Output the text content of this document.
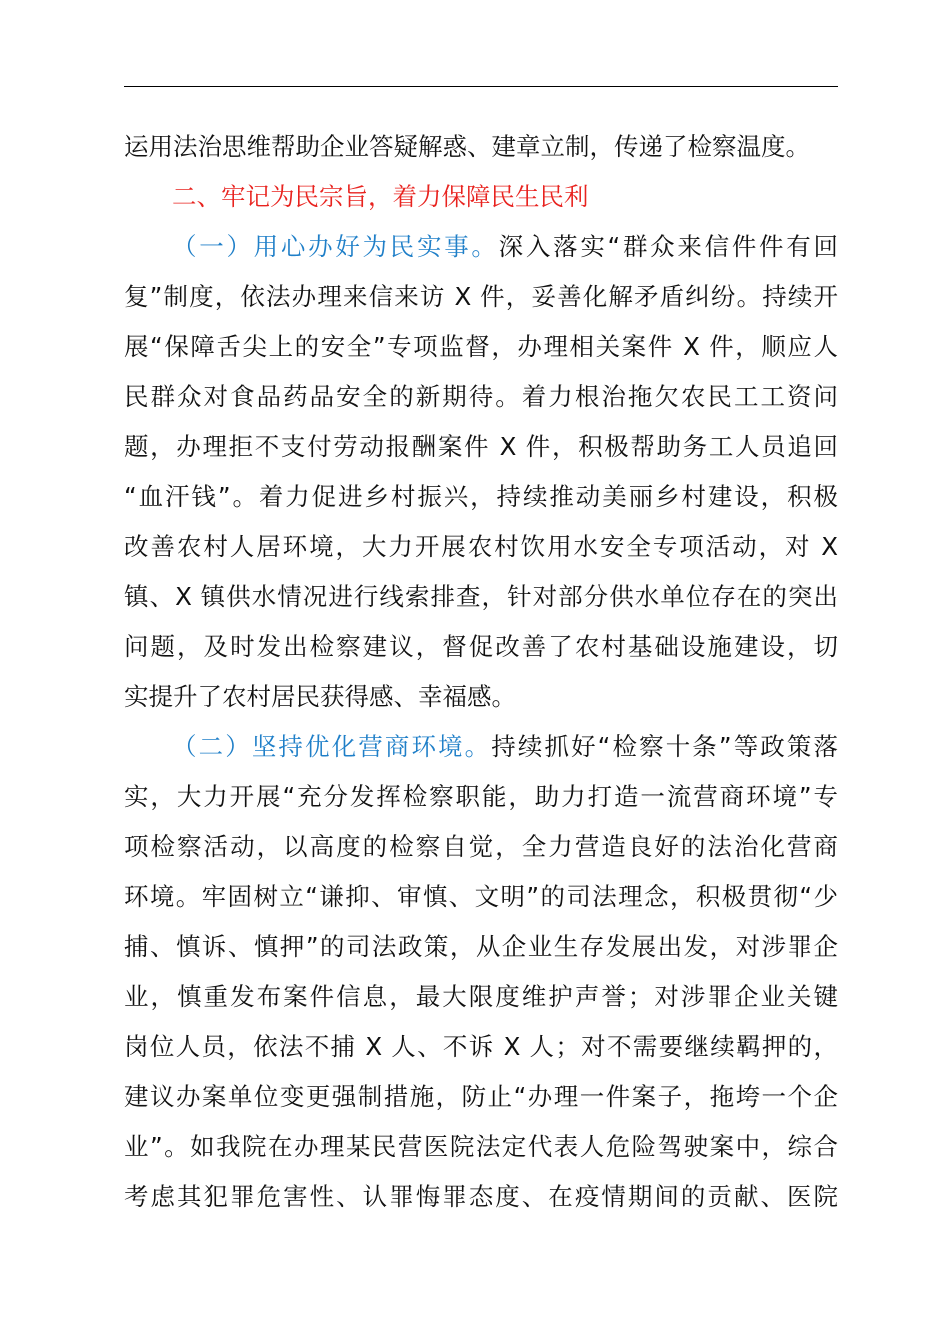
运用法治思维帮助企业答疑解惑、建章立制，传递了检察温度。
二、牢记为民宗旨，着力保障民生民利
（一）用心办好为民实事。深入落实“群众来信件件有回
复”制度，依法办理来信来访 X 件，妥善化解矛盾纠纷。持续开
展“保障舌尖上的安全”专项监督，办理相关案件 X 件，顺应人
民群众对食品药品安全的新期待。着力根治拖欠农民工工资问
题，办理拒不支付劳动报酬案件 X 件，积极帮助务工人员追回
“血汗钱”。着力促进乡村振兴，持续推动美丽乡村建设，积极
改善农村人居环境，大力开展农村饮用水安全专项活动，对 X
镇、X 镇供水情况进行线索排查，针对部分供水单位存在的突出
问题，及时发出检察建议，督促改善了农村基础设施建设，切
实提升了农村居民获得感、幸福感。
（二）坚持优化营商环境。持续抓好“检察十条”等政策落
实，大力开展“充分发挥检察职能，助力打造一流营商环境”专
项检察活动，以高度的检察自觉，全力营造良好的法治化营商
环境。牢固树立“谦抑、审慎、文明”的司法理念，积极贯彻“少
捕、慎诉、慎押”的司法政策，从企业生存发展出发，对涉罪企
业，慎重发布案件信息，最大限度维护声誉；对涉罪企业关键
岗位人员，依法不捕 X 人、不诉 X 人；对不需要继续羁押的，
建议办案单位变更强制措施，防止“办理一件案子，拖垮一个企
业”。如我院在办理某民营医院法定代表人危险驾驶案中，综合
考虑其犯罪危害性、认罪悔罪态度、在疫情期间的贡献、医院
